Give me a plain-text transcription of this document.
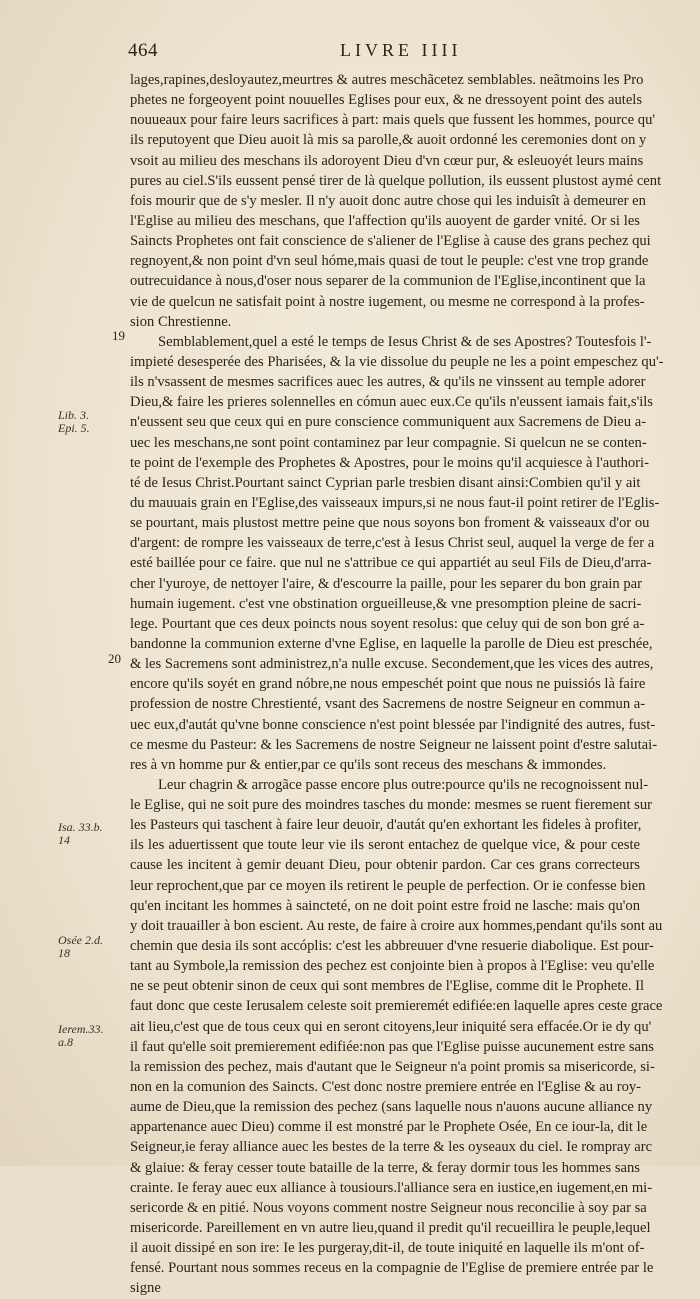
464	LIVRE IIII
19
20
Lib. 3.
Epi. 5.
Isa. 33.b.
14
Osée 2.d.
18
Ierem.33.
a.8
lages,rapines,desloyautez,meurtres & autres meschãcetez semblables. neãtmoins les Pro
phetes ne forgeoyent point nouuelles Eglises pour eux, & ne dressoyent point des autels
nouueaux pour faire leurs sacrifices à part: mais quels que fussent les hommes, pource qu'
ils reputoyent que Dieu auoit là mis sa parolle,& auoit ordonné les ceremonies dont on y
vsoit au milieu des meschans ils adoroyent Dieu d'vn cœur pur, & esleuoyét leurs mains
pures au ciel.S'ils eussent pensé tirer de là quelque pollution, ils eussent plustost aymé cent
fois mourir que de s'y mesler. Il n'y auoit donc autre chose qui les induisît à demeurer en
l'Eglise au milieu des meschans, que l'affection qu'ils auoyent de garder vnité. Or si les
Saincts Prophetes ont fait conscience de s'aliener de l'Eglise à cause des grans pechez qui
regnoyent,& non point d'vn seul hóme,mais quasi de tout le peuple: c'est vne trop grande
outrecuidance à nous,d'oser nous separer de la communion de l'Eglise,incontinent que la
vie de quelcun ne satisfait point à nostre iugement, ou mesme ne correspond à la profes-
sion Chrestienne.
Semblablement,quel a esté le temps de Iesus Christ & de ses Apostres? Toutesfois l'-
impieté desesperée des Pharisées, & la vie dissolue du peuple ne les a point empeschez qu'-
ils n'vsassent de mesmes sacrifices auec les autres, & qu'ils ne vinssent au temple adorer
Dieu,& faire les prieres solennelles en cómun auec eux.Ce qu'ils n'eussent iamais fait,s'ils
n'eussent seu que ceux qui en pure conscience communiquent aux Sacremens de Dieu a-
uec les meschans,ne sont point contaminez par leur compagnie. Si quelcun ne se conten-
te point de l'exemple des Prophetes & Apostres, pour le moins qu'il acquiesce à l'authori-
té de Iesus Christ.Pourtant sainct Cyprian parle tresbien disant ainsi:Combien qu'il y ait
du mauuais grain en l'Eglise,des vaisseaux impurs,si ne nous faut-il point retirer de l'Eglis-
se pourtant, mais plustost mettre peine que nous soyons bon froment & vaisseaux d'or ou
d'argent: de rompre les vaisseaux de terre,c'est à Iesus Christ seul, auquel la verge de fer a
esté baillée pour ce faire. que nul ne s'attribue ce qui appartiét au seul Fils de Dieu,d'arra-
cher l'yuroye, de nettoyer l'aire, & d'escourre la paille, pour les separer du bon grain par
humain iugement. c'est vne obstination orgueilleuse,& vne presomption pleine de sacri-
lege. Pourtant que ces deux poincts nous soyent resolus: que celuy qui de son bon gré a-
bandonne la communion externe d'vne Eglise, en laquelle la parolle de Dieu est preschée,
& les Sacremens sont administrez,n'a nulle excuse. Secondement,que les vices des autres,
encore qu'ils soyét en grand nóbre,ne nous empeschét point que nous ne puissiós là faire
profession de nostre Chrestienté, vsant des Sacremens de nostre Seigneur en commun a-
uec eux,d'autát qu'vne bonne conscience n'est point blessée par l'indignité des autres, fust-
ce mesme du Pasteur: & les Sacremens de nostre Seigneur ne laissent point d'estre salutai-
res à vn homme pur & entier,par ce qu'ils sont receus des meschans & immondes.
Leur chagrin & arrogãce passe encore plus outre:pource qu'ils ne recognoissent nul-
le Eglise, qui ne soit pure des moindres tasches du monde: mesmes se ruent fierement sur
les Pasteurs qui taschent à faire leur deuoir, d'autát qu'en exhortant les fideles à profiter,
ils les aduertissent que toute leur vie ils seront entachez de quelque vice, & pour ceste
cause les incitent à gemir deuant Dieu, pour obtenir pardon. Car ces grans correcteurs
leur reprochent,que par ce moyen ils retirent le peuple de perfection. Or ie confesse bien
qu'en incitant les hommes à saincteté, on ne doit point estre froid ne lasche: mais qu'on
y doit trauailler à bon escient. Au reste, de faire à croire aux hommes,pendant qu'ils sont au
chemin que desia ils sont accóplis: c'est les abbreuuer d'vne resuerie diabolique. Est pour-
tant au Symbole,la remission des pechez est conjointe bien à propos à l'Eglise: veu qu'elle
ne se peut obtenir sinon de ceux qui sont membres de l'Eglise, comme dit le Prophete. Il
faut donc que ceste Ierusalem celeste soit premieremét edifiée:en laquelle apres ceste grace
ait lieu,c'est que de tous ceux qui en seront citoyens,leur iniquité sera effacée.Or ie dy qu'
il faut qu'elle soit premierement edifiée:non pas que l'Eglise puisse aucunement estre sans
la remission des pechez, mais d'autant que le Seigneur n'a point promis sa misericorde, si-
non en la comunion des Saincts. C'est donc nostre premiere entrée en l'Eglise & au roy-
aume de Dieu,que la remission des pechez (sans laquelle nous n'auons aucune alliance ny
appartenance auec Dieu) comme il est monstré par le Prophete Osée, En ce iour-la, dit le
Seigneur,ie feray alliance auec les bestes de la terre & les oyseaux du ciel. Ie rompray arc
& glaiue: & feray cesser toute bataille de la terre, & feray dormir tous les hommes sans
crainte. Ie feray auec eux alliance à tousiours.l'alliance sera en iustice,en iugement,en mi-
sericorde & en pitié. Nous voyons comment nostre Seigneur nous reconcilie à soy par sa
misericorde. Pareillement en vn autre lieu,quand il predit qu'il recueillira le peuple,lequel
il auoit dissipé en son ire: Ie les purgeray,dit-il, de toute iniquité en laquelle ils m'ont of-
fensé. Pourtant nous sommes receus en la compagnie de l'Eglise de premiere entrée par le
signe
